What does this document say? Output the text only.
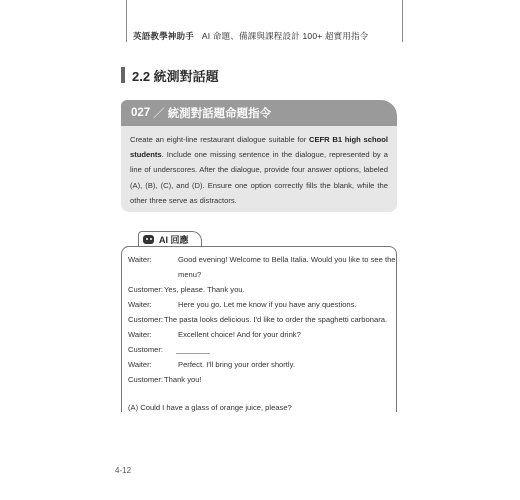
英語教學神助手 AI 命題、備課與課程設計 100+ 超實用指令
2.2 統測對話題
027 ／ 統測對話題命題指令
Create an eight-line restaurant dialogue suitable for CEFR B1 high school students. Include one missing sentence in the dialogue, represented by a line of underscores. After the dialogue, provide four answer options, labeled (A), (B), (C), and (D). Ensure one option correctly fills the blank, while the other three serve as distractors.
AI 回應
Waiter:	Good evening! Welcome to Bella Italia. Would you like to see the
menu?
Customer: Yes, please. Thank you.
Waiter:	Here you go. Let me know if you have any questions.
Customer: The pasta looks delicious. I'd like to order the spaghetti carbonara.
Waiter:	Excellent choice! And for your drink?
Customer: ________
Waiter:	Perfect. I'll bring your order shortly.
Customer: Thank you!
(A) Could I have a glass of orange juice, please?
4-12
